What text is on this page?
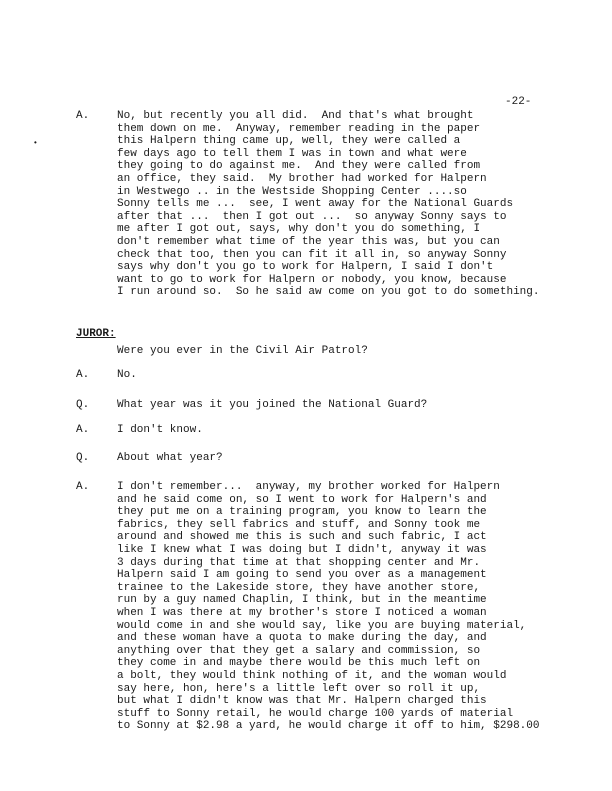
-22-
•
A.	No, but recently you all did.  And that's what brought
them down on me.  Anyway, remember reading in the paper
this Halpern thing came up, well, they were called a
few days ago to tell them I was in town and what were
they going to do against me.  And they were called from
an office, they said.  My brother had worked for Halpern
in Westwego .. in the Westside Shopping Center ....so
Sonny tells me ...  see, I went away for the National Guards
after that ...  then I got out ...  so anyway Sonny says to
me after I got out, says, why don't you do something, I
don't remember what time of the year this was, but you can
check that too, then you can fit it all in, so anyway Sonny
says why don't you go to work for Halpern, I said I don't
want to go to work for Halpern or nobody, you know, because
I run around so.  So he said aw come on you got to do something.
JUROR:
Were you ever in the Civil Air Patrol?
A.	No.
Q.	What year was it you joined the National Guard?
A.	I don't know.
Q.	About what year?
A.	I don't remember...  anyway, my brother worked for Halpern
and he said come on, so I went to work for Halpern's and
they put me on a training program, you know to learn the
fabrics, they sell fabrics and stuff, and Sonny took me
around and showed me this is such and such fabric, I act
like I knew what I was doing but I didn't, anyway it was
3 days during that time at that shopping center and Mr.
Halpern said I am going to send you over as a management
trainee to the Lakeside store, they have another store,
run by a guy named Chaplin, I think, but in the meantime
when I was there at my brother's store I noticed a woman
would come in and she would say, like you are buying material,
and these woman have a quota to make during the day, and
anything over that they get a salary and commission, so
they come in and maybe there would be this much left on
a bolt, they would think nothing of it, and the woman would
say here, hon, here's a little left over so roll it up,
but what I didn't know was that Mr. Halpern charged this
stuff to Sonny retail, he would charge 100 yards of material
to Sonny at $2.98 a yard, he would charge it off to him, $298.00
